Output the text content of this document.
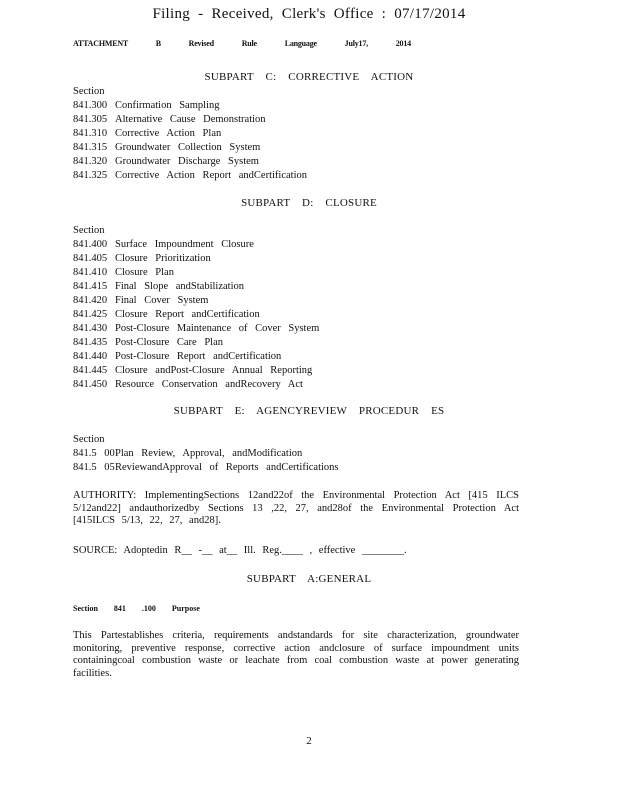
Filing - Received, Clerk's Office : 07/17/2014
ATTACHMENT B Revised Rule Language July17, 2014
SUBPART C: CORRECTIVE ACTION
Section
841.300 Confirmation Sampling
841.305 Alternative Cause Demonstration
841.310 Corrective Action Plan
841.315 Groundwater Collection System
841.320 Groundwater Discharge System
841.325 Corrective Action Report andCertification
SUBPART D: CLOSURE
Section
841.400 Surface Impoundment Closure
841.405 Closure Prioritization
841.410 Closure Plan
841.415 Final Slope andStabilization
841.420 Final Cover System
841.425 Closure Report andCertification
841.430 Post-Closure Maintenance of Cover System
841.435 Post-Closure Care Plan
841.440 Post-Closure Report andCertification
841.445 Closure andPost-Closure Annual Reporting
841.450 Resource Conservation andRecovery Act
SUBPART E: AGENCYREVIEW PROCEDUR ES
Section
841.5 00Plan Review, Approval, andModification
841.5 05ReviewandApproval of Reports andCertifications
AUTHORITY: ImplementingSections 12and22of the Environmental Protection Act [415 ILCS 5/12and22] andauthorizedby Sections 13 ,22, 27, and28of the Environmental Protection Act [415ILCS 5/13, 22, 27, and28].
SOURCE: Adoptedin R__ -__ at__ Ill. Reg.____ , effective ________.
SUBPART A:GENERAL
Section 841 .100 Purpose
This Partestablishes criteria, requirements andstandards for site characterization, groundwater monitoring, preventive response, corrective action andclosure of surface impoundment units containingcoal combustion waste or leachate from coal combustion waste at power generating facilities.
2
